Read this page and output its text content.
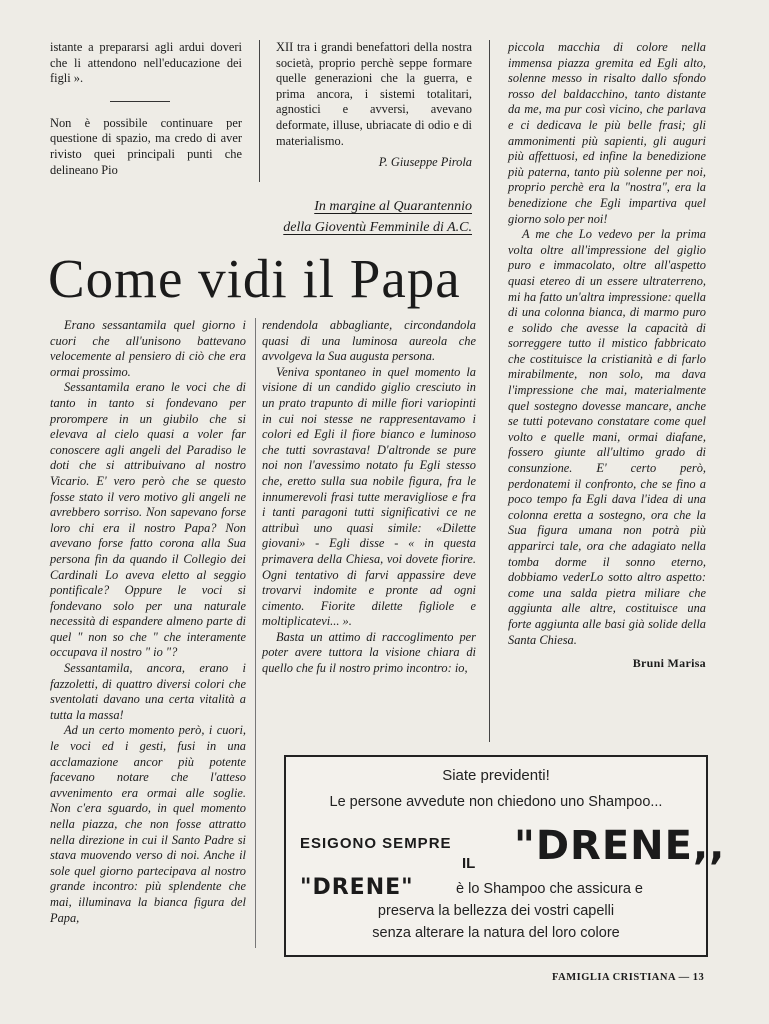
istante a prepararsi agli ardui doveri che li attendono nell'educazione dei figli ».

Non è possibile continuare per questione di spazio, ma credo di aver rivisto quei principali punti che delineano Pio

XII tra i grandi benefattori della nostra società, proprio perchè seppe formare quelle generazioni che la guerra, e prima ancora, i sistemi totalitari, agnostici e avversi, avevano deformate, illuse, ubriacate di odio e di materialismo.

P. Giuseppe Pirola

In margine al Quarantennio
della Gioventù Femminile di A.C.
Come vidi il Papa

Erano sessantamila quel giorno i cuori che all'unisono battevano velocemente al pensiero di ciò che era ormai prossimo.

Sessantamila erano le voci che di tanto in tanto si fondevano per prorompere in un giubilo che si elevava al cielo quasi a voler far conoscere agli angeli del Paradiso le doti che si attribuivano al nostro Vicario. E' vero però che se questo fosse stato il vero motivo gli angeli ne avrebbero sorriso. Non sapevano forse loro chi era il nostro Papa? Non avevano forse fatto corona alla Sua persona fin da quando il Collegio dei Cardinali Lo aveva eletto al seggio pontificale? Oppure le voci si fondevano solo per una naturale necessità di espandere almeno parte di quel " non so che " che interamente occupava il nostro " io "?

Sessantamila, ancora, erano i fazzoletti, di quattro diversi colori che sventolati davano una certa vitalità a tutta la massa!

Ad un certo momento però, i cuori, le voci ed i gesti, fusi in una acclamazione ancor più potente facevano notare che l'atteso avvenimento era ormai alle soglie. Non c'era sguardo, in quel momento nella piazza, che non fosse attratto nella direzione in cui il Santo Padre si stava muovendo verso di noi. Anche il sole quel giorno partecipava al nostro grande incontro: più splendente che mai, illuminava la bianca figura del Papa,

rendendola abbagliante, circondandola quasi di una luminosa aureola che avvolgeva la Sua augusta persona.

Veniva spontaneo in quel momento la visione di un candido giglio cresciuto in un prato trapunto di mille fiori variopinti in cui noi stesse ne rappresentavamo i colori ed Egli il fiore bianco e luminoso che tutti sovrastava! D'altronde se pure noi non l'avessimo notato fu Egli stesso che, eretto sulla sua nobile figura, fra le innumerevoli frasi tutte meravigliose e fra i tanti paragoni tutti significativi ce ne attribuì uno quasi simile: «Dilette giovani» - Egli disse - « in questa primavera della Chiesa, voi dovete fiorire. Ogni tentativo di farvi appassire deve trovarvi indomite e pronte ad ogni cimento. Fiorite dilette figliole e moltiplicatevi... ».

Basta un attimo di raccoglimento per poter avere tuttora la visione chiara di quello che fu il nostro primo incontro: io,

piccola macchia di colore nella immensa piazza gremita ed Egli alto, solenne messo in risalto dallo sfondo rosso del baldacchino, tanto distante da me, ma pur così vicino, che parlava e ci dedicava le più belle frasi; gli ammonimenti più sapienti, gli auguri più affettuosi, ed infine la benedizione più paterna, tanto più solenne per noi, proprio perchè era la "nostra", era la benedizione che Egli impartiva quel giorno solo per noi!

A me che Lo vedevo per la prima volta oltre all'impressione del giglio puro e immacolato, oltre all'aspetto quasi etereo di un essere ultraterreno, mi ha fatto un'altra impressione: quella di una colonna bianca, di marmo puro e solido che avesse la capacità di sorreggere tutto il mistico fabbricato che costituisce la cristianità e di farlo mirabilmente, non solo, ma dava l'impressione che mai, materialmente quel sostegno dovesse mancare, anche se tutti potevano constatare come quel volto e quelle mani, ormai diafane, fossero giunte all'ultimo grado di consunzione. E' certo però, perdonatemi il confronto, che se fino a poco tempo fa Egli dava l'idea di una colonna eretta a sostegno, ora che la Sua figura umana non potrà più apparirci tale, ora che adagiato nella tomba dorme il sonno eterno, dobbiamo vederLo sotto altro aspetto: come una salda pietra miliare che aggiunta alle altre, costituisce una forte aggiunta alle basi già solide della Santa Chiesa.

Bruni Marisa

Siate previdenti!
Le persone avvedute non chiedono uno Shampoo...
ESIGONO SEMPRE
IL "DRENE,,
"DRENE"	è lo Shampoo che assicura e
preserva la bellezza dei vostri capelli
senza alterare la natura del loro colore
FAMIGLIA CRISTIANA — 13
